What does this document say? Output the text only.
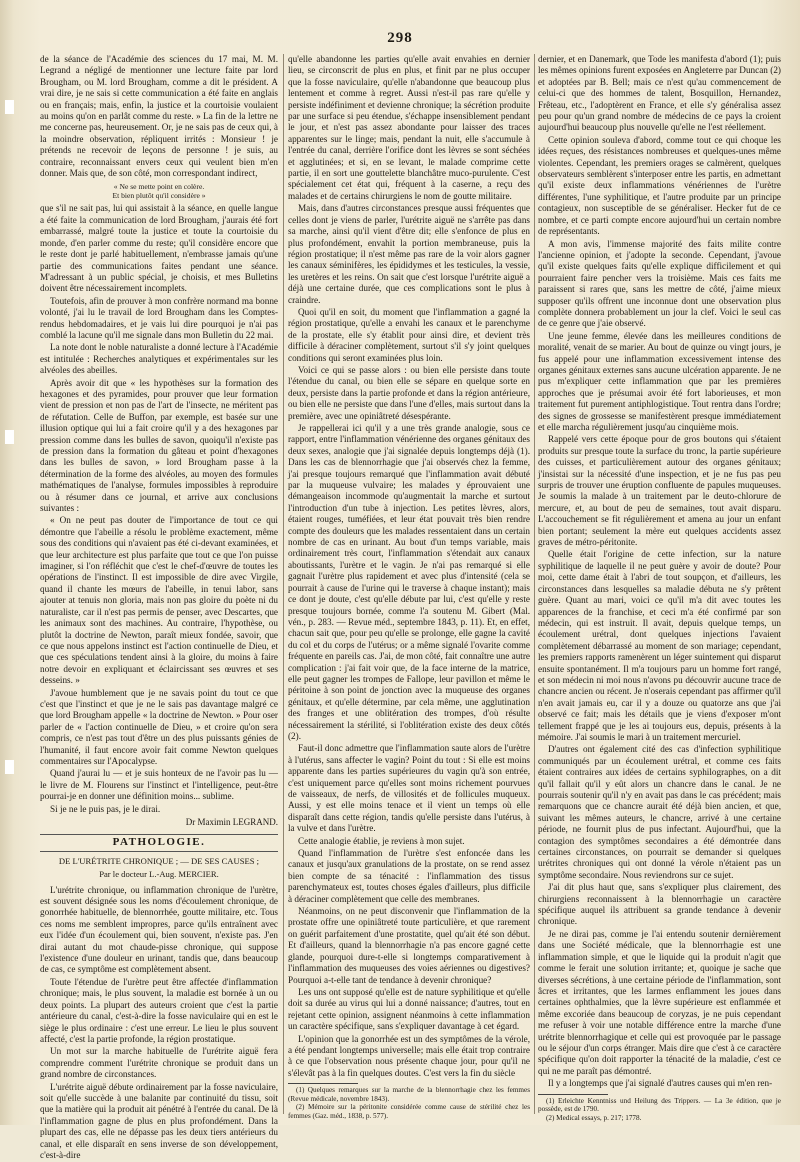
298

de la séance de l'Académie des sciences du 17 mai, M. M. Legrand a négligé de mentionner une lecture faite par lord Brougham, ou M. lord Brougham, comme a dit le président. A vrai dire, je ne sais si cette communication a été faite en anglais ou en français; mais, enfin, la justice et la courtoisie voulaient au moins qu'on en parlât comme du reste. » La fin de la lettre ne me concerne pas, heureusement. Or, je ne sais pas de ceux qui, à la moindre observation, répliquent irrités : Monsieur ! je prétends ne recevoir de leçons de personne ! je suis, au contraire, reconnaissant envers ceux qui veulent bien m'en donner. Mais que, de son côté, mon correspondant indirect,

« Ne se mette point en colère.
Et bien plutôt qu'il considère »

que s'il ne sait pas, lui qui assistait à la séance, en quelle langue a été faite la communication de lord Brougham, j'aurais été fort embarrassé, malgré toute la justice et toute la courtoisie du monde, d'en parler comme du reste; qu'il considère encore que le reste dont je parlé habituellement, n'embrasse jamais qu'une partie des communications faites pendant une séance. M'adressant à un public spécial, je choisis, et mes Bulletins doivent être nécessairement incomplets.

Toutefois, afin de prouver à mon confrère normand ma bonne volonté, j'ai lu le travail de lord Brougham dans les Comptes-rendus hebdomadaires, et je vais lui dire pourquoi je n'ai pas comblé la lacune qu'il me signale dans mon Bulletin du 22 mai.

La note dont le noble naturaliste a donné lecture à l'Académie est intitulée : Recherches analytiques et expérimentales sur les alvéoles des abeilles.

Après avoir dit que « les hypothèses sur la formation des hexagones et des pyramides, pour prouver que leur formation vient de pression et non pas de l'art de l'insecte, ne méritent pas de réfutation. Celle de Buffon, par exemple, est basée sur une illusion optique qui lui a fait croire qu'il y a des hexagones par pression comme dans les bulles de savon, quoiqu'il n'existe pas de pression dans la formation du gâteau et point d'hexagones dans les bulles de savon, » lord Brougham passe à la détermination de la forme des alvéoles, au moyen des formules mathématiques de l'analyse, formules impossibles à reproduire ou à résumer dans ce journal, et arrive aux conclusions suivantes :

« On ne peut pas douter de l'importance de tout ce qui démontre que l'abeille a résolu le problème exactement, même sous des conditions qui n'avaient pas été ci-devant examinées, et que leur architecture est plus parfaite que tout ce que l'on puisse imaginer, si l'on réfléchit que c'est le chef-d'œuvre de toutes les opérations de l'instinct. Il est impossible de dire avec Virgile, quand il chante les mœurs de l'abeille, in tenui labor, sans ajouter at tenuis non gloria, mais non pas gloire du poète ni du naturaliste, car il n'est pas permis de penser, avec Descartes, que les animaux sont des machines. Au contraire, l'hypothèse, ou plutôt la doctrine de Newton, paraît mieux fondée, savoir, que ce que nous appelons instinct est l'action continuelle de Dieu, et que ces spéculations tendent ainsi à la gloire, du moins à faire notre devoir en expliquant et éclaircissant ses œuvres et ses desseins. »

J'avoue humblement que je ne savais point du tout ce que c'est que l'instinct et que je ne le sais pas davantage malgré ce que lord Brougham appelle « la doctrine de Newton. » Pour oser parler de « l'action continuelle de Dieu, » et croire qu'on sera compris, ce n'est pas tout d'être un des plus puissants génies de l'humanité, il faut encore avoir fait comme Newton quelques commentaires sur l'Apocalypse.

Quand j'aurai lu — et je suis honteux de ne l'avoir pas lu — le livre de M. Flourens sur l'instinct et l'intelligence, peut-être pourrai-je en donner une définition moins... sublime.

Si je ne le puis pas, je le dirai.

Dr Maximin LEGRAND.
PATHOLOGIE.
DE L'URÉTRITE CHRONIQUE ; — DE SES CAUSES ;
Par le docteur L.-Aug. MERCIER.

L'urétrite chronique, ou inflammation chronique de l'urètre, est souvent désignée sous les noms d'écoulement chronique, de gonorrhée habituelle, de blennorrhée, goutte militaire, etc. Tous ces noms me semblent impropres, parce qu'ils entraînent avec eux l'idée d'un écoulement qui, bien souvent, n'existe pas. J'en dirai autant du mot chaude-pisse chronique, qui suppose l'existence d'une douleur en urinant, tandis que, dans beaucoup de cas, ce symptôme est complètement absent.

Toute l'étendue de l'urètre peut être affectée d'inflammation chronique; mais, le plus souvent, la maladie est bornée à un ou deux points. La plupart des auteurs croient que c'est la partie antérieure du canal, c'est-à-dire la fosse naviculaire qui en est le siège le plus ordinaire : c'est une erreur. Le lieu le plus souvent affecté, c'est la partie profonde, la région prostatique.

Un mot sur la marche habituelle de l'urétrite aiguë fera comprendre comment l'urétrite chronique se produit dans un grand nombre de circonstances.

L'urétrite aiguë débute ordinairement par la fosse naviculaire, soit qu'elle succède à une balanite par continuité du tissu, soit que la matière qui la produit ait pénétré à l'entrée du canal. De là l'inflammation gagne de plus en plus profondément. Dans la plupart des cas, elle ne dépasse pas les deux tiers antérieurs du canal, et elle disparaît en sens inverse de son développement, c'est-à-dire

qu'elle abandonne les parties qu'elle avait envahies en dernier lieu, se circonscrit de plus en plus, et finit par ne plus occuper que la fosse naviculaire, qu'elle n'abandonne que beaucoup plus lentement et comme à regret. Aussi n'est-il pas rare qu'elle y persiste indéfiniment et devienne chronique; la sécrétion produite par une surface si peu étendue, s'échappe insensiblement pendant le jour, et n'est pas assez abondante pour laisser des traces apparentes sur le linge; mais, pendant la nuit, elle s'accumule à l'entrée du canal, derrière l'orifice dont les lèvres se sont séchées et agglutinées; et si, en se levant, le malade comprime cette partie, il en sort une gouttelette blanchâtre muco-purulente. C'est spécialement cet état qui, fréquent à la caserne, a reçu des malades et de certains chirurgiens le nom de goutte militaire.

Mais, dans d'autres circonstances presque aussi fréquentes que celles dont je viens de parler, l'urétrite aiguë ne s'arrête pas dans sa marche, ainsi qu'il vient d'être dit; elle s'enfonce de plus en plus profondément, envahit la portion membraneuse, puis la région prostatique; il n'est même pas rare de la voir alors gagner les canaux séminifères, les épididymes et les testicules, la vessie, les uretères et les reins. On sait que c'est lorsque l'urétrite aiguë a déjà une certaine durée, que ces complications sont le plus à craindre.

Quoi qu'il en soit, du moment que l'inflammation a gagné la région prostatique, qu'elle a envahi les canaux et le parenchyme de la prostate, elle s'y établit pour ainsi dire, et devient très difficile à déraciner complètement, surtout s'il s'y joint quelques conditions qui seront examinées plus loin.

Voici ce qui se passe alors : ou bien elle persiste dans toute l'étendue du canal, ou bien elle se sépare en quelque sorte en deux, persiste dans la partie profonde et dans la région antérieure, ou bien elle ne persiste que dans l'une d'elles, mais surtout dans la première, avec une opiniâtreté désespérante.

Je rappellerai ici qu'il y a une très grande analogie, sous ce rapport, entre l'inflammation vénérienne des organes génitaux des deux sexes, analogie que j'ai signalée depuis longtemps déjà (1). Dans les cas de blennorrhagie que j'ai observés chez la femme, j'ai presque toujours remarqué que l'inflammation avait débuté par la muqueuse vulvaire; les malades y éprouvaient une démangeaison incommode qu'augmentait la marche et surtout l'introduction d'un tube à injection. Les petites lèvres, alors, étaient rouges, tuméfiées, et leur état pouvait très bien rendre compte des douleurs que les malades ressentaient dans un certain nombre de cas en urinant. Au bout d'un temps variable, mais ordinairement très court, l'inflammation s'étendait aux canaux aboutissants, l'urètre et le vagin. Je n'ai pas remarqué si elle gagnait l'urètre plus rapidement et avec plus d'intensité (cela se pourrait à cause de l'urine qui le traverse à chaque instant); mais ce dont je doute, c'est qu'elle débute par lui, c'est qu'elle y reste presque toujours bornée, comme l'a soutenu M. Gibert (Mal. vén., p. 283. — Revue méd., septembre 1843, p. 11). Et, en effet, chacun sait que, pour peu qu'elle se prolonge, elle gagne la cavité du col et du corps de l'utérus; or a même signalé l'ovarite comme fréquente en pareils cas. J'ai, de mon côté, fait connaître une autre complication : j'ai fait voir que, de la face interne de la matrice, elle peut gagner les trompes de Fallope, leur pavillon et même le péritoine à son point de jonction avec la muqueuse des organes génitaux, et qu'elle détermine, par cela même, une agglutination des franges et une oblitération des trompes, d'où résulte nécessairement la stérilité, si l'oblitération existe des deux côtés (2).

Faut-il donc admettre que l'inflammation saute alors de l'urètre à l'utérus, sans affecter le vagin? Point du tout : Si elle est moins apparente dans les parties supérieures du vagin qu'à son entrée, c'est uniquement parce qu'elles sont moins richement pourvues de vaisseaux, de nerfs, de villosités et de follicules muqueux. Aussi, y est elle moins tenace et il vient un temps où elle disparaît dans cette région, tandis qu'elle persiste dans l'utérus, à la vulve et dans l'urètre.

Cette analogie établie, je reviens à mon sujet.

Quand l'inflammation de l'urètre s'est enfoncée dans les canaux et jusqu'aux granulations de la prostate, on se rend assez bien compte de sa ténacité : l'inflammation des tissus parenchymateux est, toutes choses égales d'ailleurs, plus difficile à déraciner complètement que celle des membranes.

Néanmoins, on ne peut disconvenir que l'inflammation de la prostate offre une opiniâtreté toute particulière, et que rarement on guérit parfaitement d'une prostatite, quel qu'ait été son début. Et d'ailleurs, quand la blennorrhagie n'a pas encore gagné cette glande, pourquoi dure-t-elle si longtemps comparativement à l'inflammation des muqueuses des voies aériennes ou digestives? Pourquoi a-t-elle tant de tendance à devenir chronique?

Les uns ont supposé qu'elle est de nature syphilitique et qu'elle doit sa durée au virus qui lui a donné naissance; d'autres, tout en rejetant cette opinion, assignent néanmoins à cette inflammation un caractère spécifique, sans s'expliquer davantage à cet égard.

L'opinion que la gonorrhée est un des symptômes de la vérole, a été pendant longtemps universelle; mais elle était trop contraire à ce que l'observation nous présente chaque jour, pour qu'il ne s'élevât pas à la fin quelques doutes. C'est vers la fin du siècle

(1) Quelques remarques sur la marche de la blennorrhagie chez les femmes (Revue médicale, novembre 1843).

(2) Mémoire sur la péritonite considérée comme cause de stérilité chez les femmes (Gaz. méd., 1838, p. 577).

dernier, et en Danemark, que Tode les manifesta d'abord (1); puis les mêmes opinions furent exposées en Angleterre par Duncan (2) et adoptées par B. Bell; mais ce n'est qu'au commencement de celui-ci que des hommes de talent, Bosquillon, Hernandez, Frêteau, etc., l'adoptèrent en France, et elle s'y généralisa assez peu pour qu'un grand nombre de médecins de ce pays la croient aujourd'hui beaucoup plus nouvelle qu'elle ne l'est réellement.

Cette opinion souleva d'abord, comme tout ce qui choque les idées reçues, des résistances nombreuses et quelques-unes même violentes. Cependant, les premiers orages se calmèrent, quelques observateurs semblèrent s'interposer entre les partis, en admettant qu'il existe deux inflammations vénériennes de l'urètre différentes, l'une syphilitique, et l'autre produite par un principe contagieux, non susceptible de se généraliser. Hecker fut de ce nombre, et ce parti compte encore aujourd'hui un certain nombre de représentants.

A mon avis, l'immense majorité des faits milite contre l'ancienne opinion, et j'adopte la seconde. Cependant, j'avoue qu'il existe quelques faits qu'elle explique difficilement et qui pourraient faire pencher vers la troisième. Mais ces faits me paraissent si rares que, sans les mettre de côté, j'aime mieux supposer qu'ils offrent une inconnue dont une observation plus complète donnera probablement un jour la clef. Voici le seul cas de ce genre que j'aie observé.

Une jeune femme, élevée dans les meilleures conditions de moralité, venait de se marier. Au bout de quinze ou vingt jours, je fus appelé pour une inflammation excessivement intense des organes génitaux externes sans aucune ulcération apparente. Je ne pus m'expliquer cette inflammation que par les premières approches que je présumai avoir été fort laborieuses, et mon traitement fut purement antiphlogistique. Tout rentra dans l'ordre; des signes de grossesse se manifestèrent presque immédiatement et elle marcha régulièrement jusqu'au cinquième mois.

Rappelé vers cette époque pour de gros boutons qui s'étaient produits sur presque toute la surface du tronc, la partie supérieure des cuisses, et particulièrement autour des organes génitaux; j'insistai sur la nécessité d'une inspection, et je ne fus pas peu surpris de trouver une éruption confluente de papules muqueuses. Je soumis la malade à un traitement par le deuto-chlorure de mercure, et, au bout de peu de semaines, tout avait disparu. L'accouchement se fit régulièrement et amena au jour un enfant bien portant; seulement la mère eut quelques accidents assez graves de métro-péritonite.

Quelle était l'origine de cette infection, sur la nature syphilitique de laquelle il ne peut guère y avoir de doute? Pour moi, cette dame était à l'abri de tout soupçon, et d'ailleurs, les circonstances dans lesquelles sa maladie débuta ne s'y prêtent guère. Quant au mari, voici ce qu'il m'a dit avec toutes les apparences de la franchise, et ceci m'a été confirmé par son médecin, qui est instruit. Il avait, depuis quelque temps, un écoulement urétral, dont quelques injections l'avaient complètement débarrassé au moment de son mariage; cependant, les premiers rapports ramenèrent un léger suintement qui disparut ensuite spontanément. Il m'a toujours paru un homme fort rangé, et son médecin ni moi nous n'avons pu découvrir aucune trace de chancre ancien ou récent. Je n'oserais cependant pas affirmer qu'il n'en avait jamais eu, car il y a douze ou quatorze ans que j'ai observé ce fait; mais les détails que je viens d'exposer m'ont tellement frappé que je les ai toujours eus, depuis, présents à la mémoire. J'ai soumis le mari à un traitement mercuriel.

D'autres ont également cité des cas d'infection syphilitique communiqués par un écoulement urétral, et comme ces faits étaient contraires aux idées de certains syphilographes, on a dit qu'il fallait qu'il y eût alors un chancre dans le canal. Je ne pourrais soutenir qu'il n'y en avait pas dans le cas précédent; mais remarquons que ce chancre aurait été déjà bien ancien, et que, suivant les mêmes auteurs, le chancre, arrivé à une certaine période, ne fournit plus de pus infectant. Aujourd'hui, que la contagion des symptômes secondaires a été démontrée dans certaines circonstances, on pourrait se demander si quelques urétrites chroniques qui ont donné la vérole n'étaient pas un symptôme secondaire. Nous reviendrons sur ce sujet.

J'ai dit plus haut que, sans s'expliquer plus clairement, des chirurgiens reconnaissent à la blennorrhagie un caractère spécifique auquel ils attribuent sa grande tendance à devenir chronique.

Je ne dirai pas, comme je l'ai entendu soutenir dernièrement dans une Société médicale, que la blennorrhagie est une inflammation simple, et que le liquide qui la produit n'agit que comme le ferait une solution irritante; et, quoique je sache que diverses sécrétions, à une certaine période de l'inflammation, sont âcres et irritantes, que les larmes enflamment les joues dans certaines ophthalmies, que la lèvre supérieure est enflammée et même excoriée dans beaucoup de coryzas, je ne puis cependant me refuser à voir une notable différence entre la marche d'une urétrite blennorrhagique et celle qui est provoquée par le passage ou le séjour d'un corps étranger. Mais dire que c'est à ce caractère spécifique qu'on doit rapporter la ténacité de la maladie, c'est ce qui ne me paraît pas démontré.

Il y a longtemps que j'ai signalé d'autres causes qui m'en ren-

(1) Erleichte Kenntniss und Heilung des Trippers. — La 3e édition, que je possède, est de 1790.

(2) Medical essays, p. 217; 1778.
